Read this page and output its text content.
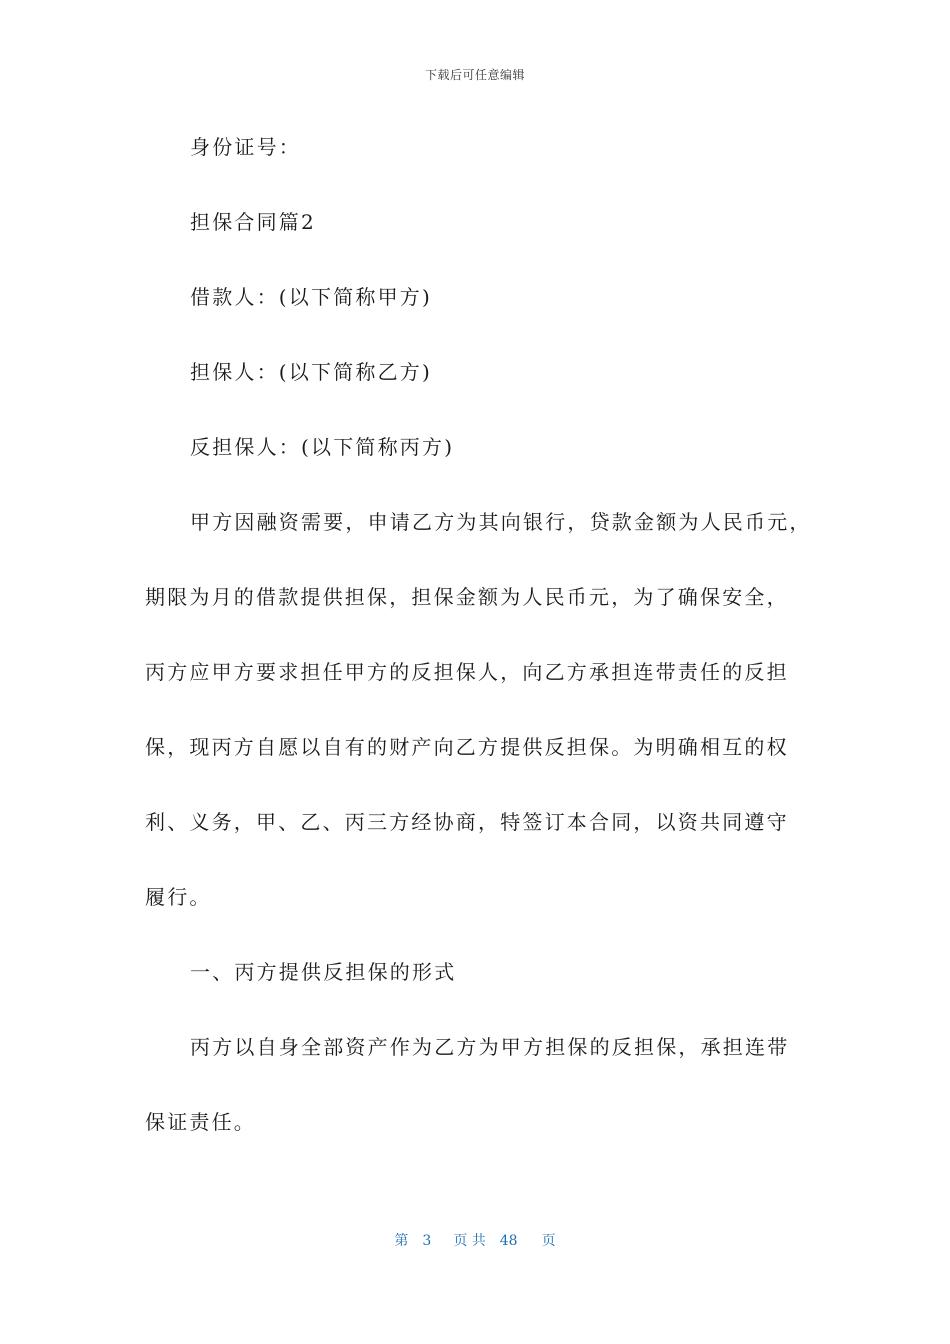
下载后可任意编辑
身份证号：
担保合同篇2
借款人：(以下简称甲方)
担保人：(以下简称乙方)
反担保人：(以下简称丙方)
甲方因融资需要，申请乙方为其向银行，贷款金额为人民币元，
期限为月的借款提供担保，担保金额为人民币元，为了确保安全，
丙方应甲方要求担任甲方的反担保人，向乙方承担连带责任的反担
保，现丙方自愿以自有的财产向乙方提供反担保。为明确相互的权
利、义务，甲、乙、丙三方经协商，特签订本合同，以资共同遵守
履行。
一、丙方提供反担保的形式
丙方以自身全部资产作为乙方为甲方担保的反担保，承担连带
保证责任。
第 3 页 共 48 页
